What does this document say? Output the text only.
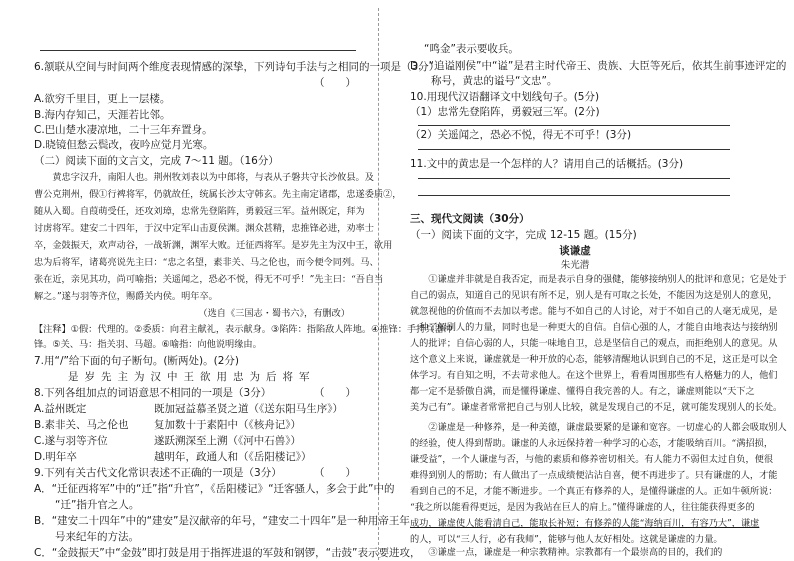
6.颔联从空间与时间两个维度表现情感的深挚，下列诗句手法与之相同的一项是（3分）
（　　）
A.欲穷千里目，更上一层楼。
B.海内存知己，天涯若比邻。
C.巴山楚水凄凉地，二十三年弃置身。
D.晓镜但愁云鬓改，夜吟应觉月光寒。
（二）阅读下面的文言文，完成 7～11 题。（16分）
　　黄忠字汉升，南阳人也。荆州牧刘表以为中郎将，与表从子磐共守长沙攸县。及
曹公克荆州，假①行裨将军，仍就故任，统属长沙太守韩玄。先主南定诸郡，忠遂委质②，
随从入蜀。自葭萌受任，还攻刘璋，忠常先登陷阵，勇毅冠三军。益州既定，拜为
讨虏将军。建安二十四年，于汉中定军山击夏侯渊。渊众甚精，忠推锋必进，劝率士
卒，金鼓振天，欢声动谷，一战斩渊，渊军大败。迁征西将军。是岁先主为汉中王，欲用
忠为后将军，诸葛亮说先主曰：“忠之名望，素非关、马之伦也，而今便令同列。马、
张在近，亲见其功，尚可喻指；关遥闻之，恐必不悦，得无不可乎！”先主曰：“吾自当
解之。”遂与羽等齐位，赐爵关内侯。明年卒。
（选自《三国志・蜀书六》，有删改）
【注释】①假：代理的。②委质：向君主献礼，表示献身。③陷阵：指陷敌人阵地。④推锋：手持兵器冲
锋。⑤关、马：指关羽、马超。⑥喻指：向他说明缘由。
7.用“/”给下面的句子断句。(断两处)。(2分)
是岁先主为汉中王欲用忠为后将军
8.下列各组加点的词语意思不相同的一项是（3分）	（　　）
A.益州既定	既加冠益慕圣贤之道（《送东阳马生序》）
B.素非关、马之伦也 复加数十于素阳中（《核舟记》）
C.遂与羽等齐位	遂跃溯深至上溯（《河中石兽》）
D.明年卒	越明年，政通人和（《岳阳楼记》）
9.下列有关古代文化常识表述不正确的一项是（3分）	（　　）
A．“迁征西将军”中的“迁”指“升官”，《岳阳楼记》“迁客骚人，多会于此”中的
　　“迁”指升官之人。
B．“建安二十四年”中的“建安”是汉献帝的年号，“建安二十四年”是一种用帝王年
　　号来纪年的方法。
C．“金鼓振天”中“金鼓”即打鼓是用于指挥进退的军鼓和钢锣，“击鼓”表示要进攻，
“鸣金”表示要收兵。
D．“追谥刚侯”中“谥”是君主时代帝王、贵族、大臣等死后，依其生前事迹评定的
　　称号，黄忠的谥号“文忠”。
10.用现代汉语翻译文中划线句子。(5分)
（1）忠常先登陷阵，勇毅冠三军。(2分)
（2）关遥闻之，恐必不悦，得无不可乎！(3分)
11.文中的黄忠是一个怎样的人？请用自己的话概括。(3分)
三、现代文阅读（30分）
（一）阅读下面的文字，完成 12-15 题。(15分)
谈谦虚
朱光潜
　　①谦虚并非就是自我否定，而是表示自身的强健，能够接纳别人的批评和意见；它是处于
自己的弱点，知道自己的见识有所不足，别人是有可取之长处，不能因为这是别人的意见，
就忽视他的价值而不去加以考虑。能与不如自己的人讨论，对于不如自己的人毫无成见，是
一种了解别人的力量，同时也是一种更大的自信。自信心强的人，才能自由地表达与接纳别
人的批评；自信心弱的人，只能一味地自卫，总是坚信自己的观点，而拒绝别人的意见。从
这个意义上来说，谦虚就是一种开放的心态，能够清醒地认识到自己的不足，这正是可以全
体学习。有自知之明，不去苛求他人。在这个世界上，看看周围那些有人格魅力的人，他们
都一定不是骄傲自满，而是懂得谦虚、懂得自我完善的人。有之，谦虚则能以“天下之
美为己有”。谦虚者常常把自己与别人比较，就是发现自己的不足，就可能发现别人的长处。
　　②谦虚是一种修养，是一种美德，谦虚最要紧的是谦和宽容。一切虚心的人都会吸取别人
的经验，使人得到帮助。谦虚的人永远保持着一种学习的心态，才能吸纳百川。“满招损，
谦受益”，一个人谦虚与否，与他的素质和修养密切相关。有人能力不弱但太过自负，便很
难得到别人的帮助；有人做出了一点成绩便沾沾自喜，便不再进步了。只有谦虚的人，才能
看到自己的不足，才能不断进步。一个真正有修养的人，是懂得谦虚的人。正如牛顿所说：
“我之所以能看得更远，是因为我站在巨人的肩上。”懂得谦虚的人，往往能获得更多的
成功，谦虚使人能看清自己，能取长补短；有修养的人能“海纳百川，有容乃大”，谦虚
的人，可以“三人行，必有我师”，能够与他人友好相处。这就是谦虚的力量。
　　③谦虚一点，谦虚是一种宗教精神。宗教都有一个最崇高的目的，我们的
